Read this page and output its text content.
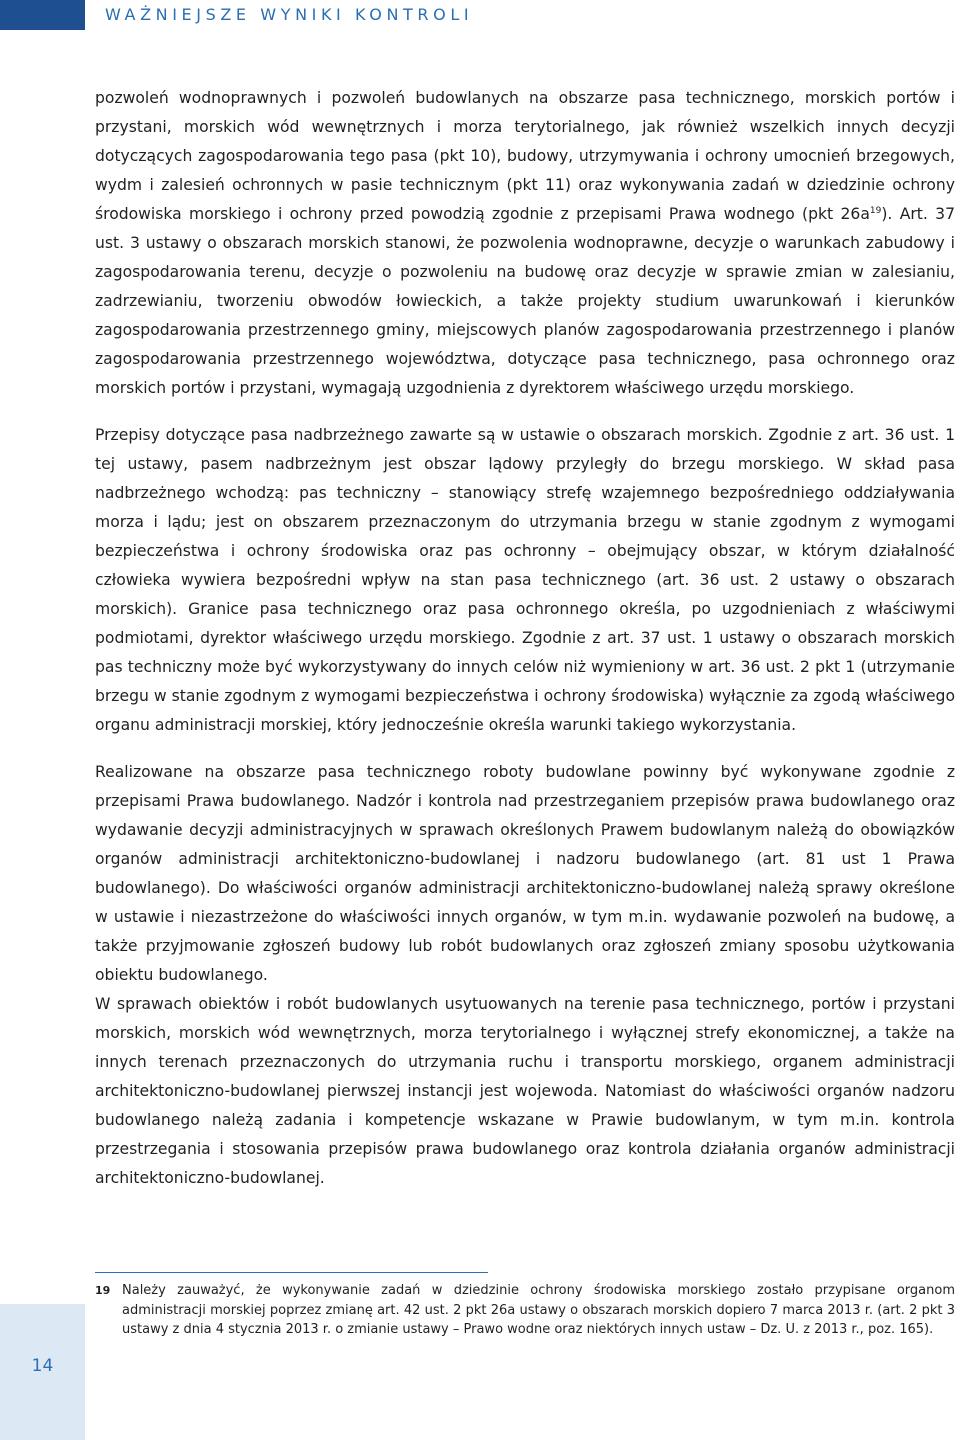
WAŻNIEJSZE WYNIKI KONTROLI

pozwoleń wodnoprawnych i pozwoleń budowlanych na obszarze pasa technicznego, morskich portów i przystani, morskich wód wewnętrznych i morza terytorialnego, jak również wszelkich innych decyzji dotyczących zagospodarowania tego pasa (pkt 10), budowy, utrzymywania i ochrony umocnień brzegowych, wydm i zalesień ochronnych w pasie technicznym (pkt 11) oraz wykonywania zadań w dziedzinie ochrony środowiska morskiego i ochrony przed powodzią zgodnie z przepisami Prawa wodnego (pkt $26a^{19}$). Art. 37 ust. 3 ustawy o obszarach morskich stanowi, że pozwolenia wodnoprawne, decyzje o warunkach zabudowy i zagospodarowania terenu, decyzje o pozwoleniu na budowę oraz decyzje w sprawie zmian w zalesianiu, zadrzewianiu, tworzeniu obwodów łowieckich, a także projekty studium uwarunkowań i kierunków zagospodarowania przestrzennego gminy, miejscowych planów zagospodarowania przestrzennego i planów zagospodarowania przestrzennego województwa, dotyczące pasa technicznego, pasa ochronnego oraz morskich portów i przystani, wymagają uzgodnienia z dyrektorem właściwego urzędu morskiego.

Przepisy dotyczące pasa nadbrzeżnego zawarte są w ustawie o obszarach morskich. Zgodnie z art. 36 ust. 1 tej ustawy, pasem nadbrzeżnym jest obszar lądowy przyległy do brzegu morskiego. W skład pasa nadbrzeżnego wchodzą: pas techniczny – stanowiący strefę wzajemnego bezpośredniego oddziaływania morza i lądu; jest on obszarem przeznaczonym do utrzymania brzegu w stanie zgodnym z wymogami bezpieczeństwa i ochrony środowiska oraz pas ochronny – obejmujący obszar, w którym działalność człowieka wywiera bezpośredni wpływ na stan pasa technicznego (art. 36 ust. 2 ustawy o obszarach morskich). Granice pasa technicznego oraz pasa ochronnego określa, po uzgodnieniach z właściwymi podmiotami, dyrektor właściwego urzędu morskiego. Zgodnie z art. 37 ust. 1 ustawy o obszarach morskich pas techniczny może być wykorzystywany do innych celów niż wymieniony w art. 36 ust. 2 pkt 1 (utrzymanie brzegu w stanie zgodnym z wymogami bezpieczeństwa i ochrony środowiska) wyłącznie za zgodą właściwego organu administracji morskiej, który jednocześnie określa warunki takiego wykorzystania.

Realizowane na obszarze pasa technicznego roboty budowlane powinny być wykonywane zgodnie z przepisami Prawa budowlanego. Nadzór i kontrola nad przestrzeganiem przepisów prawa budowlanego oraz wydawanie decyzji administracyjnych w sprawach określonych Prawem budowlanym należą do obowiązków organów administracji architektoniczno-budowlanej i nadzoru budowlanego (art. 81 ust 1 Prawa budowlanego). Do właściwości organów administracji architektoniczno-budowlanej należą sprawy określone w ustawie i niezastrzeżone do właściwości innych organów, w tym m.in. wydawanie pozwoleń na budowę, a także przyjmowanie zgłoszeń budowy lub robót budowlanych oraz zgłoszeń zmiany sposobu użytkowania obiektu budowlanego.

W sprawach obiektów i robót budowlanych usytuowanych na terenie pasa technicznego, portów i przystani morskich, morskich wód wewnętrznych, morza terytorialnego i wyłącznej strefy ekonomicznej, a także na innych terenach przeznaczonych do utrzymania ruchu i transportu morskiego, organem administracji architektoniczno-budowlanej pierwszej instancji jest wojewoda. Natomiast do właściwości organów nadzoru budowlanego należą zadania i kompetencje wskazane w Prawie budowlanym, w tym m.in. kontrola przestrzegania i stosowania przepisów prawa budowlanego oraz kontrola działania organów administracji architektoniczno-budowlanej.

19 Należy zauważyć, że wykonywanie zadań w dziedzinie ochrony środowiska morskiego zostało przypisane organom administracji morskiej poprzez zmianę art. 42 ust. 2 pkt 26a ustawy o obszarach morskich dopiero 7 marca 2013 r. (art. 2 pkt 3 ustawy z dnia 4 stycznia 2013 r. o zmianie ustawy – Prawo wodne oraz niektórych innych ustaw – Dz. U. z 2013 r., poz. 165).

14
